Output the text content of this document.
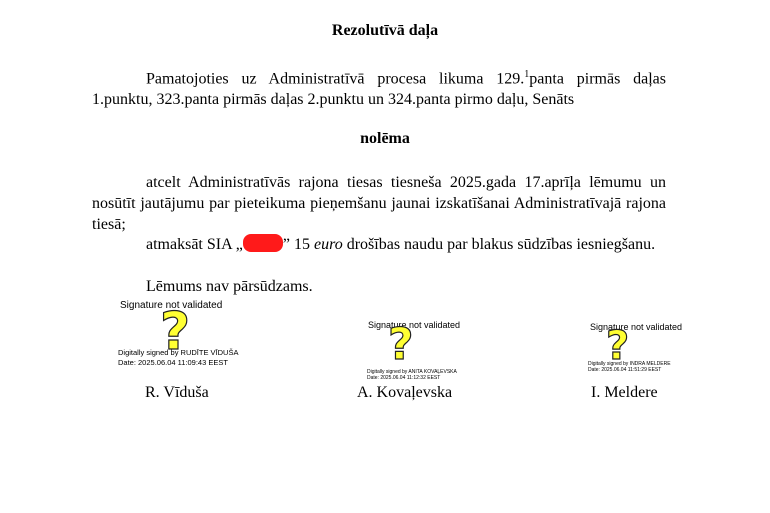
Rezolutīvā daļa
Pamatojoties uz Administratīvā procesa likuma 129.$^1$panta pirmās daļas 1.punktu, 323.panta pirmās daļas 2.punktu un 324.panta pirmo daļu, Senāts
nolēma
atcelt Administratīvās rajona tiesas tiesneša 2025.gada 17.aprīļa lēmumu un nosūtīt jautājumu par pieteikuma pieņemšanu jaunai izskatīšanai Administratīvajā rajona tiesā;
atmaksāt SIA „	” 15 euro drošības naudu par blakus sūdzības iesniegšanu.
Lēmums nav pārsūdzams.
Signature not validated
?
Digitally signed by RUDĪTE VĪDUŠA
Date: 2025.06.04 11:09:43 EEST
R. Vīduša
Signature not validated
?
Digitally signed by ANITA KOVAĻEVSKA
Date: 2025.06.04 11:12:32 EEST
A. Kovaļevska
Signature not validated
?
Digitally signed by INDRA MELDERE
Date: 2025.06.04 11:51:29 EEST
I. Meldere
